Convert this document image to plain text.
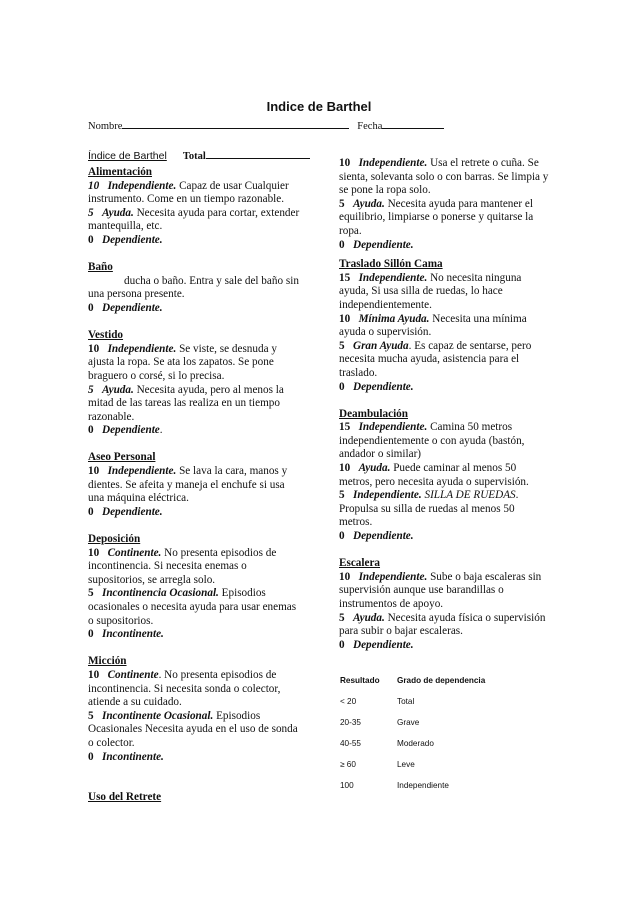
Indice de Barthel
Nombre	Fecha
Índice de Barthel Total

Alimentación

10 Independiente. Capaz de usar Cualquier instrumento. Come en un tiempo razonable.

5 Ayuda. Necesita ayuda para cortar, extender mantequilla, etc.

0 Dependiente.

Baño

ducha o baño. Entra y sale del baño sin una persona presente.

0 Dependiente.

Vestido

10 Independiente. Se viste, se desnuda y ajusta la ropa. Se ata los zapatos. Se pone braguero o corsé, si lo precisa.

5 Ayuda. Necesita ayuda, pero al menos la mitad de las tareas las realiza en un tiempo razonable.

0 Dependiente.

Aseo Personal

10 Independiente. Se lava la cara, manos y dientes. Se afeita y maneja el enchufe si usa una máquina eléctrica.

0 Dependiente.

Deposición

10 Continente. No presenta episodios de incontinencia. Si necesita enemas o supositorios, se arregla solo.

5 Incontinencia Ocasional. Episodios ocasionales o necesita ayuda para usar enemas o supositorios.

0 Incontinente.

Micción

10 Continente. No presenta episodios de incontinencia. Si necesita sonda o colector, atiende a su cuidado.

5 Incontinente Ocasional. Episodios Ocasionales Necesita ayuda en el uso de sonda o colector.

0 Incontinente.

Uso del Retrete

10 Independiente. Usa el retrete o cuña. Se sienta, solevanta solo o con barras. Se limpia y se pone la ropa solo.

5 Ayuda. Necesita ayuda para mantener el equilibrio, limpiarse o ponerse y quitarse la ropa.

0 Dependiente.

Traslado Sillón Cama

15 Independiente. No necesita ninguna ayuda, Si usa silla de ruedas, lo hace independientemente.

10 Mínima Ayuda. Necesita una mínima ayuda o supervisión.

5 Gran Ayuda. Es capaz de sentarse, pero necesita mucha ayuda, asistencia para el traslado.

0 Dependiente.

Deambulación

15 Independiente. Camina 50 metros independientemente o con ayuda (bastón, andador o similar)

10 Ayuda. Puede caminar al menos 50 metros, pero necesita ayuda o supervisión.

5 Independiente. SILLA DE RUEDAS. Propulsa su silla de ruedas al menos 50 metros.

0 Dependiente.

Escalera

10 Independiente. Sube o baja escaleras sin supervisión aunque use barandillas o instrumentos de apoyo.

5 Ayuda. Necesita ayuda física o supervisión para subir o bajar escaleras.

0 Dependiente.

Resultado	Grado de dependencia
< 20	Total
20-35	Grave
40-55	Moderado
≥ 60	Leve
100	Independiente
